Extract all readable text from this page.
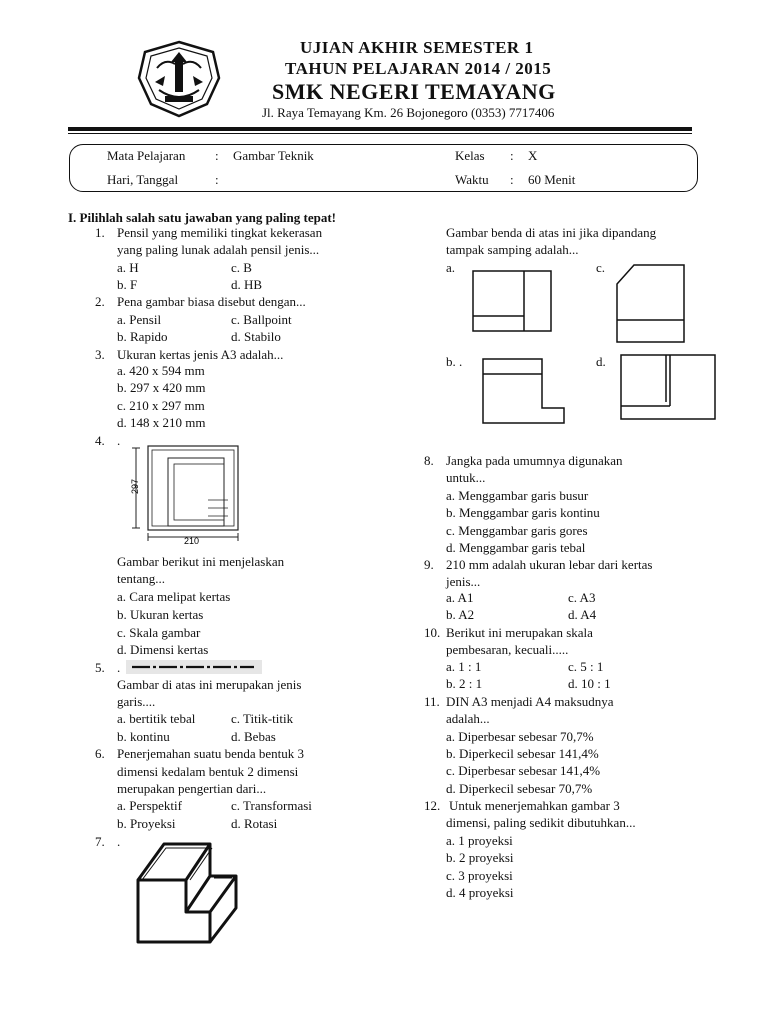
UJIAN AKHIR SEMESTER 1
TAHUN PELAJARAN 2014 / 2015
SMK NEGERI TEMAYANG
Jl. Raya Temayang Km. 26 Bojonegoro (0353) 7717406
Mata Pelajaran : Gambar Teknik
Hari, Tanggal	:
Kelas : X
Waktu : 60 Menit
I. Pilihlah salah satu jawaban yang paling tepat!
1. Pensil yang memiliki tingkat kekerasan
yang paling lunak adalah pensil jenis...
a. H	c. B
b. F	d. HB
2. Pena gambar biasa disebut dengan...
a. Pensil	c. Ballpoint
b. Rapido	d. Stabilo
3. Ukuran kertas jenis A3 adalah...
a. 420 x 594 mm
b. 297 x 420 mm
c. 210 x 297 mm
d. 148 x 210 mm
4. .
297
210
Gambar berikut ini menjelaskan
tentang...
a. Cara melipat kertas
b. Ukuran kertas
c. Skala gambar
d. Dimensi kertas
5. .
Gambar di atas ini merupakan jenis
garis....
a. bertitik tebal	c. Titik-titik
b. kontinu	d. Bebas
6. Penerjemahan suatu benda bentuk 3
dimensi kedalam bentuk 2 dimensi
merupakan pengertian dari...
a. Perspektif	c. Transformasi
b. Proyeksi	d. Rotasi
7. .
Gambar benda di atas ini jika dipandang
tampak samping adalah...
a.	c.
b. .	d.
8. Jangka pada umumnya digunakan
untuk...
a. Menggambar garis busur
b. Menggambar garis kontinu
c. Menggambar garis gores
d. Menggambar garis tebal
9. 210 mm adalah ukuran lebar dari kertas
jenis...
a. A1	c. A3
b. A2	d. A4
10. Berikut ini merupakan skala
pembesaran, kecuali.....
a. 1 : 1	c. 5 : 1
b. 2 : 1	d. 10 : 1
11. DIN A3 menjadi A4 maksudnya
adalah...
a. Diperbesar sebesar 70,7%
b. Diperkecil sebesar 141,4%
c. Diperbesar sebesar 141,4%
d. Diperkecil sebesar 70,7%
12. Untuk menerjemahkan gambar 3
dimensi, paling sedikit dibutuhkan...
a. 1 proyeksi
b. 2 proyeksi
c. 3 proyeksi
d. 4 proyeksi
